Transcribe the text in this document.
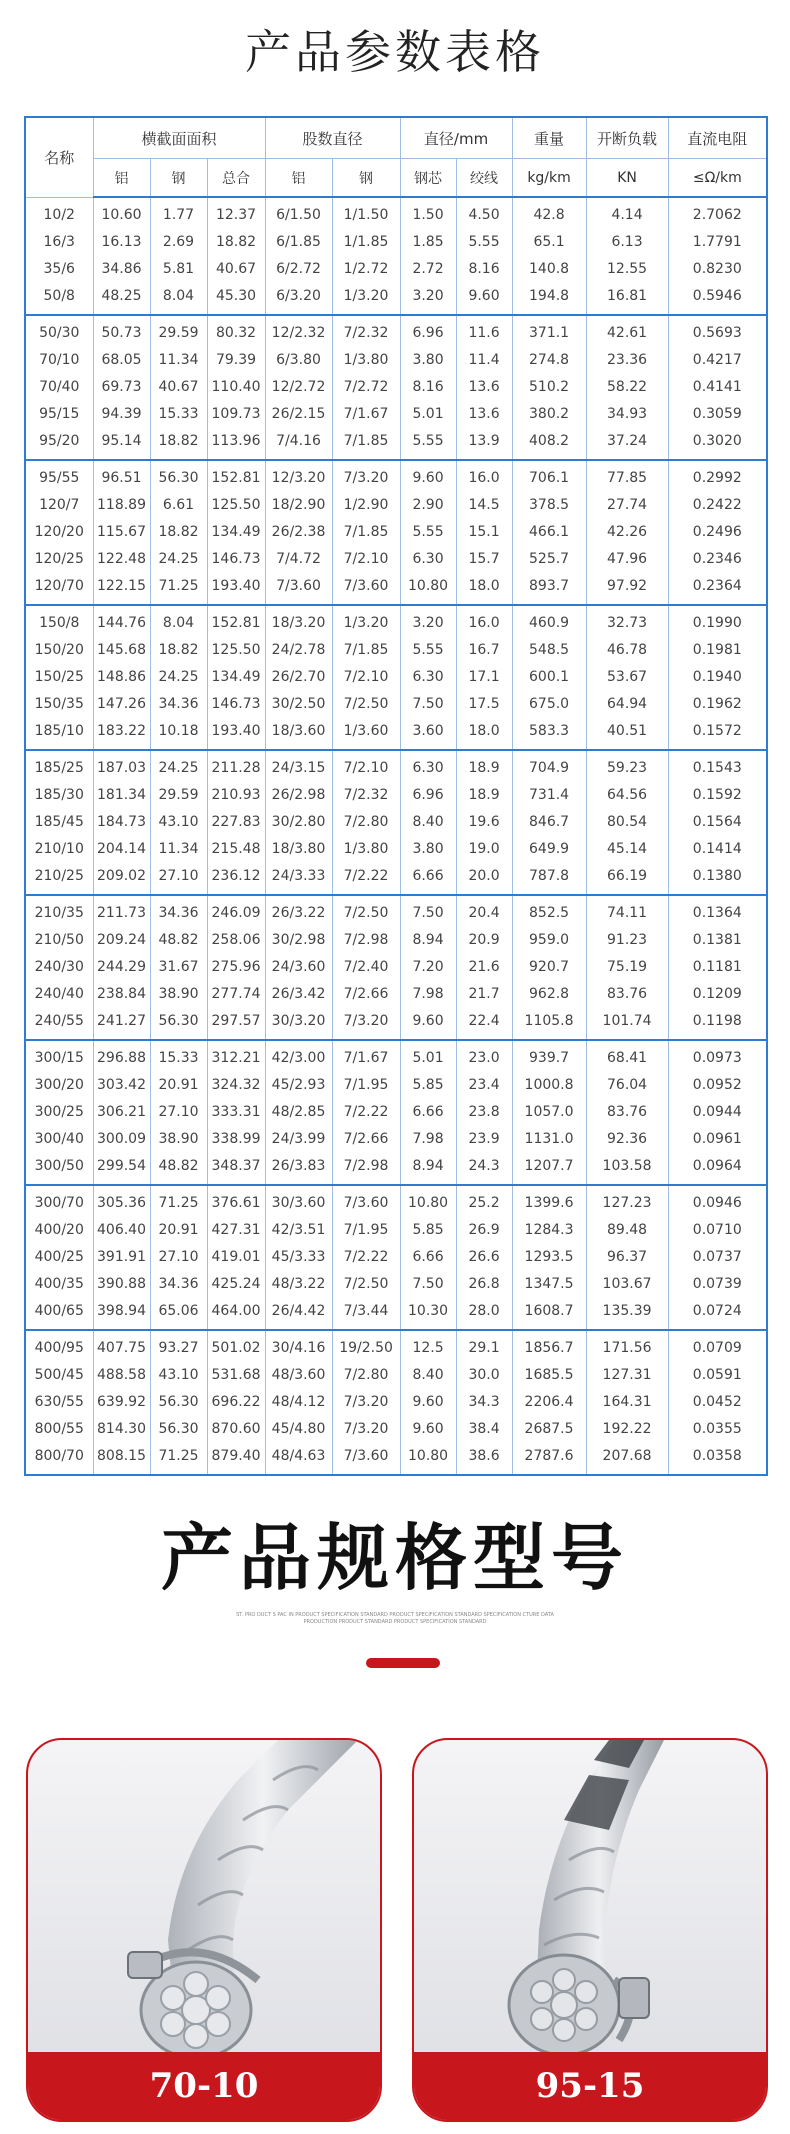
产品参数表格
名称	横截面面积			股数直径		直径/mm		重量	开断负载	直流电阻
	铝	钢	总合	铝	钢	钢芯	绞线	kg/km	KN	≤Ω/km
10/2	10.60	1.77	12.37	6/1.50	1/1.50	1.50	4.50	42.8	4.14	2.7062
16/3	16.13	2.69	18.82	6/1.85	1/1.85	1.85	5.55	65.1	6.13	1.7791
35/6	34.86	5.81	40.67	6/2.72	1/2.72	2.72	8.16	140.8	12.55	0.8230
50/8	48.25	8.04	45.30	6/3.20	1/3.20	3.20	9.60	194.8	16.81	0.5946
50/30	50.73	29.59	80.32	12/2.32	7/2.32	6.96	11.6	371.1	42.61	0.5693
70/10	68.05	11.34	79.39	6/3.80	1/3.80	3.80	11.4	274.8	23.36	0.4217
70/40	69.73	40.67	110.40	12/2.72	7/2.72	8.16	13.6	510.2	58.22	0.4141
95/15	94.39	15.33	109.73	26/2.15	7/1.67	5.01	13.6	380.2	34.93	0.3059
95/20	95.14	18.82	113.96	7/4.16	7/1.85	5.55	13.9	408.2	37.24	0.3020
95/55	96.51	56.30	152.81	12/3.20	7/3.20	9.60	16.0	706.1	77.85	0.2992
120/7	118.89	6.61	125.50	18/2.90	1/2.90	2.90	14.5	378.5	27.74	0.2422
120/20	115.67	18.82	134.49	26/2.38	7/1.85	5.55	15.1	466.1	42.26	0.2496
120/25	122.48	24.25	146.73	7/4.72	7/2.10	6.30	15.7	525.7	47.96	0.2346
120/70	122.15	71.25	193.40	7/3.60	7/3.60	10.80	18.0	893.7	97.92	0.2364
150/8	144.76	8.04	152.81	18/3.20	1/3.20	3.20	16.0	460.9	32.73	0.1990
150/20	145.68	18.82	125.50	24/2.78	7/1.85	5.55	16.7	548.5	46.78	0.1981
150/25	148.86	24.25	134.49	26/2.70	7/2.10	6.30	17.1	600.1	53.67	0.1940
150/35	147.26	34.36	146.73	30/2.50	7/2.50	7.50	17.5	675.0	64.94	0.1962
185/10	183.22	10.18	193.40	18/3.60	1/3.60	3.60	18.0	583.3	40.51	0.1572
185/25	187.03	24.25	211.28	24/3.15	7/2.10	6.30	18.9	704.9	59.23	0.1543
185/30	181.34	29.59	210.93	26/2.98	7/2.32	6.96	18.9	731.4	64.56	0.1592
185/45	184.73	43.10	227.83	30/2.80	7/2.80	8.40	19.6	846.7	80.54	0.1564
210/10	204.14	11.34	215.48	18/3.80	1/3.80	3.80	19.0	649.9	45.14	0.1414
210/25	209.02	27.10	236.12	24/3.33	7/2.22	6.66	20.0	787.8	66.19	0.1380
210/35	211.73	34.36	246.09	26/3.22	7/2.50	7.50	20.4	852.5	74.11	0.1364
210/50	209.24	48.82	258.06	30/2.98	7/2.98	8.94	20.9	959.0	91.23	0.1381
240/30	244.29	31.67	275.96	24/3.60	7/2.40	7.20	21.6	920.7	75.19	0.1181
240/40	238.84	38.90	277.74	26/3.42	7/2.66	7.98	21.7	962.8	83.76	0.1209
240/55	241.27	56.30	297.57	30/3.20	7/3.20	9.60	22.4	1105.8	101.74	0.1198
300/15	296.88	15.33	312.21	42/3.00	7/1.67	5.01	23.0	939.7	68.41	0.0973
300/20	303.42	20.91	324.32	45/2.93	7/1.95	5.85	23.4	1000.8	76.04	0.0952
300/25	306.21	27.10	333.31	48/2.85	7/2.22	6.66	23.8	1057.0	83.76	0.0944
300/40	300.09	38.90	338.99	24/3.99	7/2.66	7.98	23.9	1131.0	92.36	0.0961
300/50	299.54	48.82	348.37	26/3.83	7/2.98	8.94	24.3	1207.7	103.58	0.0964
300/70	305.36	71.25	376.61	30/3.60	7/3.60	10.80	25.2	1399.6	127.23	0.0946
400/20	406.40	20.91	427.31	42/3.51	7/1.95	5.85	26.9	1284.3	89.48	0.0710
400/25	391.91	27.10	419.01	45/3.33	7/2.22	6.66	26.6	1293.5	96.37	0.0737
400/35	390.88	34.36	425.24	48/3.22	7/2.50	7.50	26.8	1347.5	103.67	0.0739
400/65	398.94	65.06	464.00	26/4.42	7/3.44	10.30	28.0	1608.7	135.39	0.0724
400/95	407.75	93.27	501.02	30/4.16	19/2.50	12.5	29.1	1856.7	171.56	0.0709
500/45	488.58	43.10	531.68	48/3.60	7/2.80	8.40	30.0	1685.5	127.31	0.0591
630/55	639.92	56.30	696.22	48/4.12	7/3.20	9.60	34.3	2206.4	164.31	0.0452
800/55	814.30	56.30	870.60	45/4.80	7/3.20	9.60	38.4	2687.5	192.22	0.0355
800/70	808.15	71.25	879.40	48/4.63	7/3.60	10.80	38.6	2787.6	207.68	0.0358
产品规格型号
ST. PRO DUCT S PAC IN PRODUCT SPECIFICATION STANDARD PRODUCT SPECIFICATION STANDARD SPECIFICATION CTURE DATA PRODUCTION PRODUCT STANDARD PRODUCT SPECIFICATION STANDARD
70-10	95-15
